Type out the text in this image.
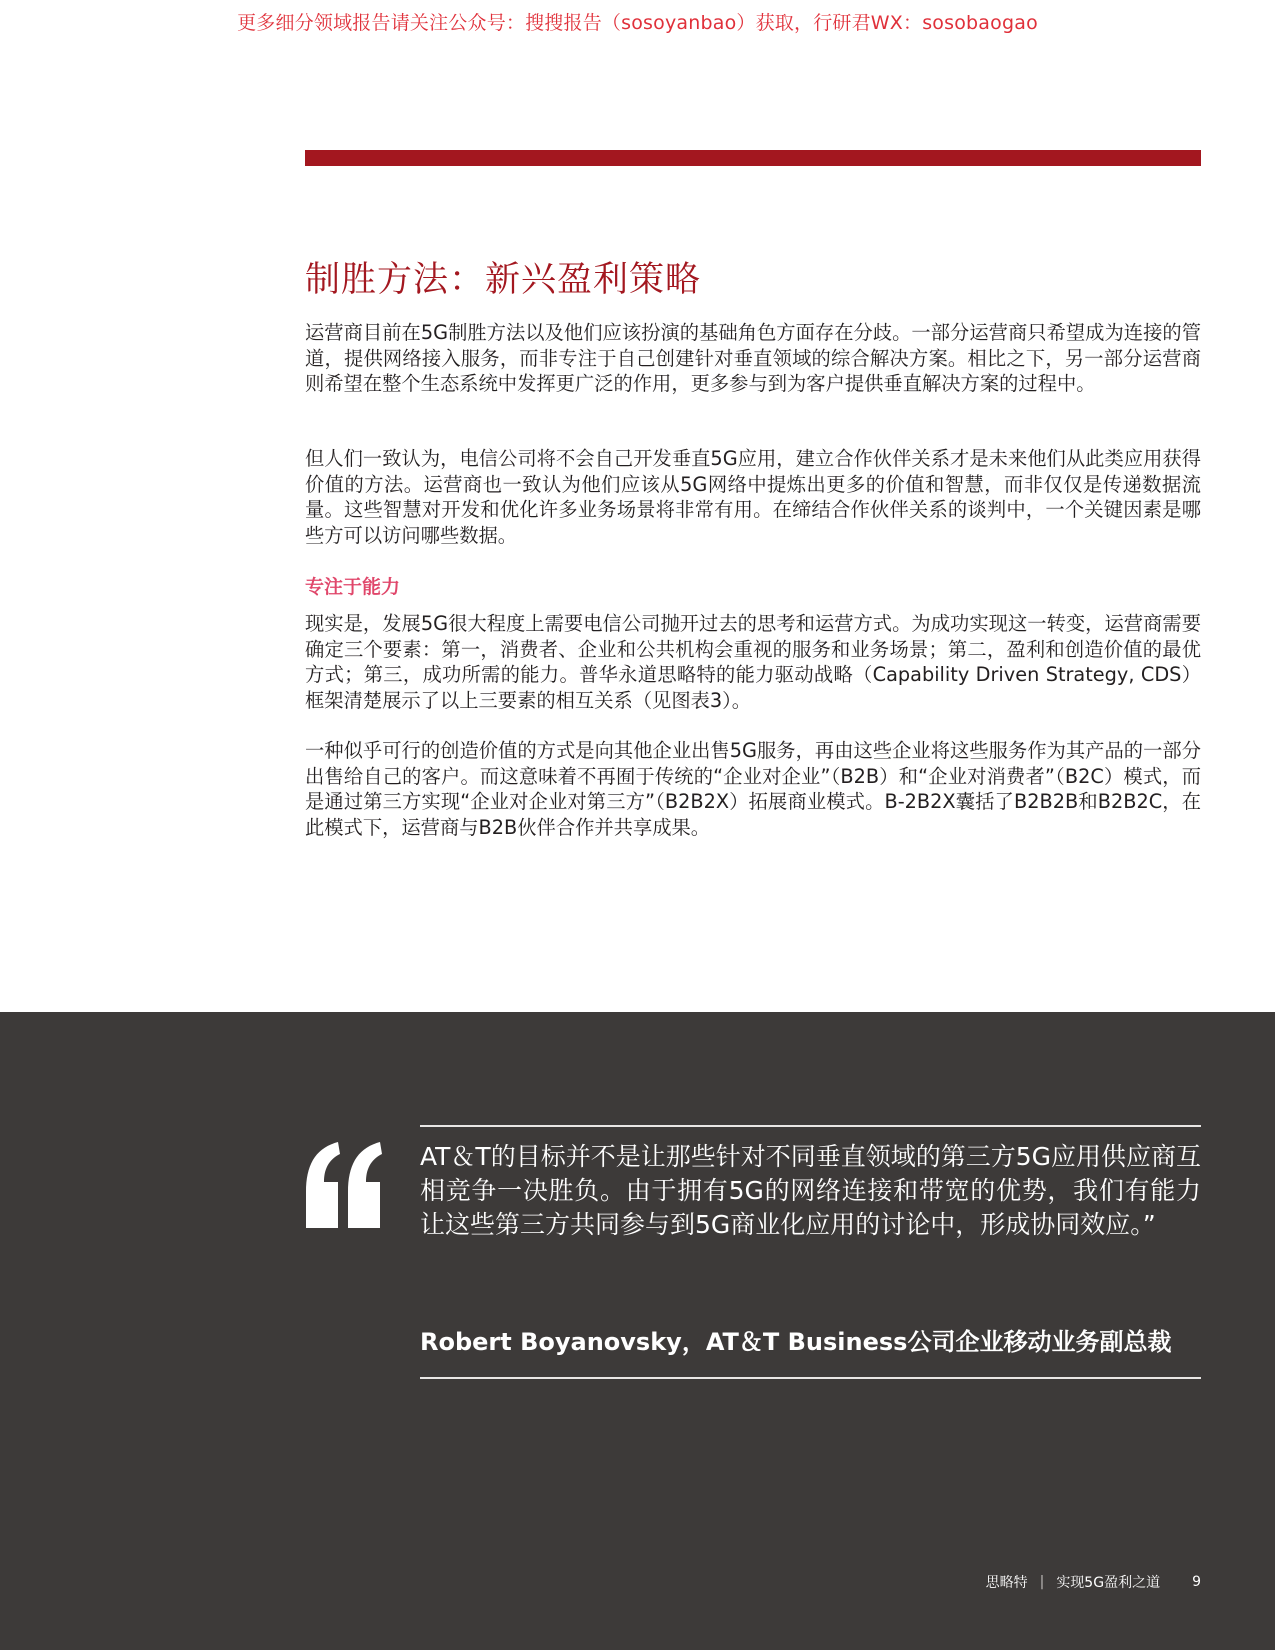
更多细分领域报告请关注公众号：搜搜报告（sosoyanbao）获取，行研君WX：sosobaogao
制胜方法：新兴盈利策略

运营商目前在5G制胜方法以及他们应该扮演的基础角色方面存在分歧。一部分运营商只希望成为连接的管道，提供网络接入服务，而非专注于自己创建针对垂直领域的综合解决方案。相比之下，另一部分运营商则希望在整个生态系统中发挥更广泛的作用，更多参与到为客户提供垂直解决方案的过程中。

但人们一致认为，电信公司将不会自己开发垂直5G应用，建立合作伙伴关系才是未来他们从此类应用获得价值的方法。运营商也一致认为他们应该从5G网络中提炼出更多的价值和智慧，而非仅仅是传递数据流量。这些智慧对开发和优化许多业务场景将非常有用。在缔结合作伙伴关系的谈判中，一个关键因素是哪些方可以访问哪些数据。

专注于能力

现实是，发展5G很大程度上需要电信公司抛开过去的思考和运营方式。为成功实现这一转变，运营商需要确定三个要素：第一，消费者、企业和公共机构会重视的服务和业务场景；第二，盈利和创造价值的最优方式；第三，成功所需的能力。普华永道思略特的能力驱动战略（Capability Driven Strategy, CDS）框架清楚展示了以上三要素的相互关系（见图表3）。

一种似乎可行的创造价值的方式是向其他企业出售5G服务，再由这些企业将这些服务作为其产品的一部分出售给自己的客户。而这意味着不再囿于传统的“企业对企业”（B2B）和“企业对消费者”（B2C）模式，而是通过第三方实现“企业对企业对第三方”（B2B2X）拓展商业模式。B-2B2X囊括了B2B2B和B2B2C，在此模式下，运营商与B2B伙伴合作并共享成果。

AT＆T的目标并不是让那些针对不同垂直领域的第三方5G应用供应商互相竞争一决胜负。由于拥有5G的网络连接和带宽的优势，我们有能力让这些第三方共同参与到5G商业化应用的讨论中，形成协同效应。”

Robert Boyanovsky，AT＆T Business公司企业移动业务副总裁

思略特 | 实现5G盈利之道 9
